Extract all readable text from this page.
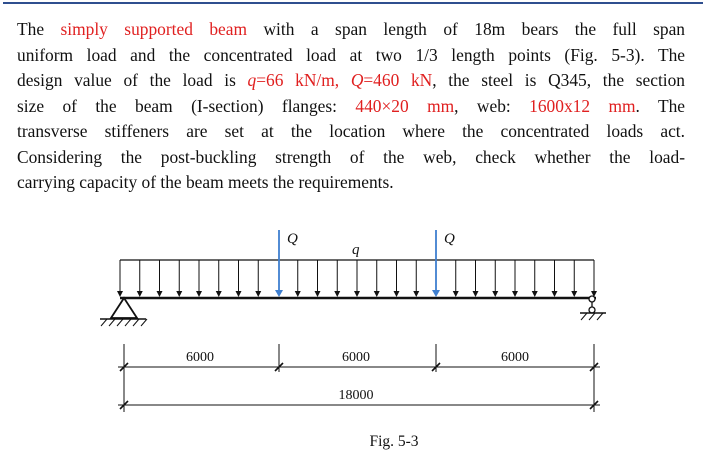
The simply supported beam with a span length of 18m bears the full span
uniform load and the concentrated load at two 1/3 length points (Fig. 5-3). The
design value of the load is q=66 kN/m, Q=460 kN, the steel is Q345, the section
size of the beam (I-section) flanges: 440×20 mm, web: 1600x12 mm. The
transverse stiffeners are set at the location where the concentrated loads act.
Considering the post-buckling strength of the web, check whether the load-
carrying capacity of the beam meets the requirements.
Q	Q
q
6000	6000	6000
18000
Fig. 5-3
